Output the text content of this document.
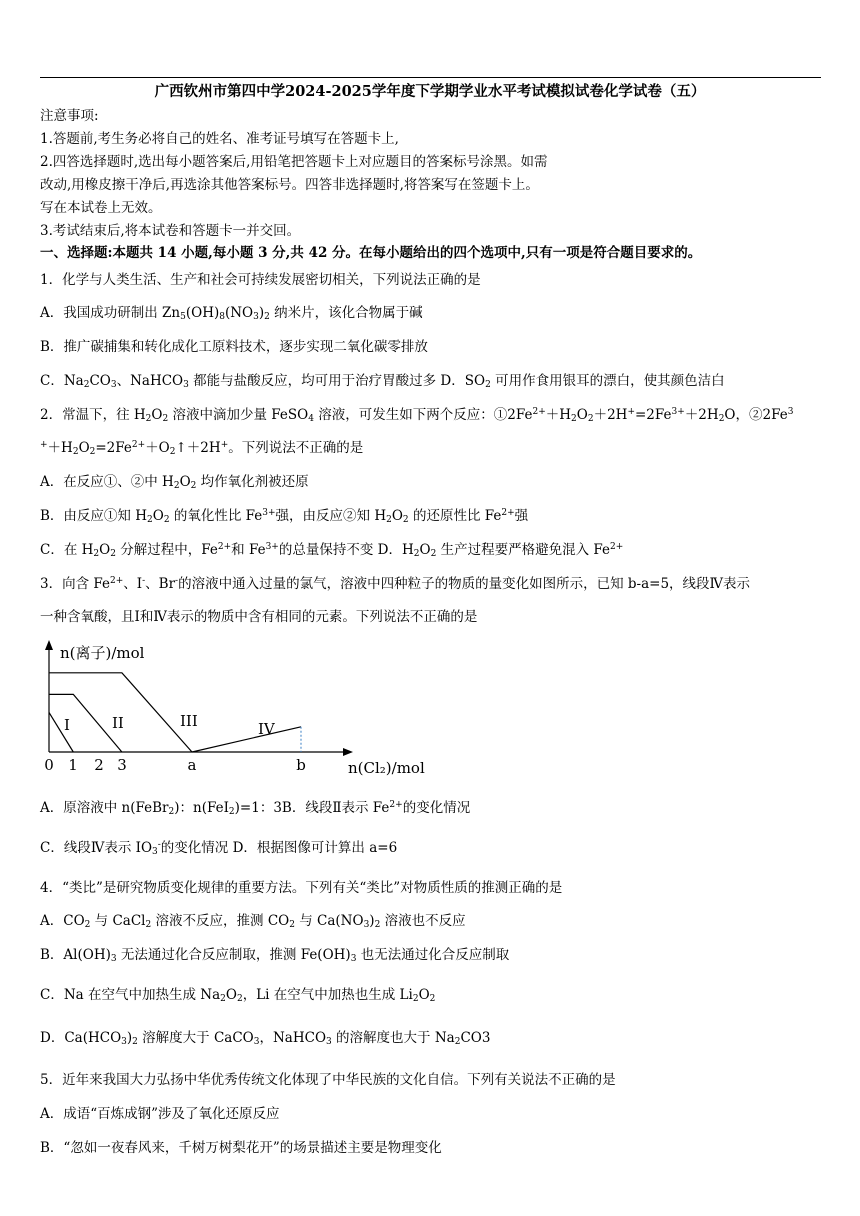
广西钦州市第四中学2024-2025学年度下学期学业水平考试模拟试卷化学试卷（五）
注意事项:
1.答题前,考生务必将自己的姓名、准考证号填写在答题卡上,
2.四答选择题时,选出每小题答案后,用铅笔把答题卡上对应题目的答案标号涂黑。如需
改动,用橡皮擦干净后,再选涂其他答案标号。四答非选择题时,将答案写在签题卡上。
写在本试卷上无效。
3.考试结束后,将本试卷和答题卡一并交回。
一、选择题:本题共 14 小题,每小题 3 分,共 42 分。在每小题给出的四个选项中,只有一项是符合题目要求的。
1．化学与人类生活、生产和社会可持续发展密切相关，下列说法正确的是
A．我国成功研制出 $Zn_5(OH)_8(NO_3)_2$ 纳米片，该化合物属于碱
B．推广碳捕集和转化成化工原料技术，逐步实现二氧化碳零排放
C．$Na_2CO_3$、NaHCO$_3$ 都能与盐酸反应，均可用于治疗胃酸过多 D．$SO_2$ 可用作食用银耳的漂白，使其颜色洁白
2．常温下，往 $H_2O_2$ 溶液中滴加少量 FeSO$_4$ 溶液，可发生如下两个反应：$①2Fe^{2+}+H_2O_2+2H^+=2Fe^{3+}+2H_2O$，②2Fe$^3$
$^++H_2O_2=2Fe^{2+}+O_2↑+2H^+$。下列说法不正确的是
A．在反应①、②中 $H_2O_2$ 均作氧化剂被还原
B．由反应①知 $H_2O_2$ 的氧化性比 $Fe^{3+}$强，由反应②知 $H_2O_2$ 的还原性比 $Fe^{2+}$强
C．在 $H_2O_2$ 分解过程中，$Fe^{2+}$和 $Fe^{3+}$的总量保持不变 D．$H_2O_2$ 生产过程要严格避免混入 $Fe^{2+}$
3．向含 $Fe^{2+}$、I-、Br-的溶液中通入过量的氯气，溶液中四种粒子的物质的量变化如图所示，已知 b-a=5，线段Ⅳ表示
一种含氧酸，且Ⅰ和Ⅳ表示的物质中含有相同的元素。下列说法不正确的是
n(离子)/mol
n(Cl₂)/mol
0 1 2 3	a	b
I	II	III	IV
A．原溶液中 n(FeBr$_2$)：n(FeI$_2$)=1：3B．线段Ⅱ表示 $Fe^{2+}$的变化情况
C．线段Ⅳ表示 $IO_3^-$的变化情况 D．根据图像可计算出 a=6
4．“类比”是研究物质变化规律的重要方法。下列有关“类比”对物质性质的推测正确的是
A．$CO_2$ 与 CaCl$_2$ 溶液不反应，推测 $CO_2$ 与 $Ca(NO_3)_2$ 溶液也不反应
B．$Al(OH)_3$ 无法通过化合反应制取，推测 $Fe(OH)_3$ 也无法通过化合反应制取
C．Na 在空气中加热生成 $Na_2O_2$，Li 在空气中加热也生成 $Li_2O_2$
D．$Ca(HCO_3)_2$ 溶解度大于 CaCO$_3$，NaHCO$_3$ 的溶解度也大于 $Na_2CO3$
5．近年来我国大力弘扬中华优秀传统文化体现了中华民族的文化自信。下列有关说法不正确的是
A．成语“百炼成钢”涉及了氧化还原反应
B．“忽如一夜春风来，千树万树梨花开”的场景描述主要是物理变化
